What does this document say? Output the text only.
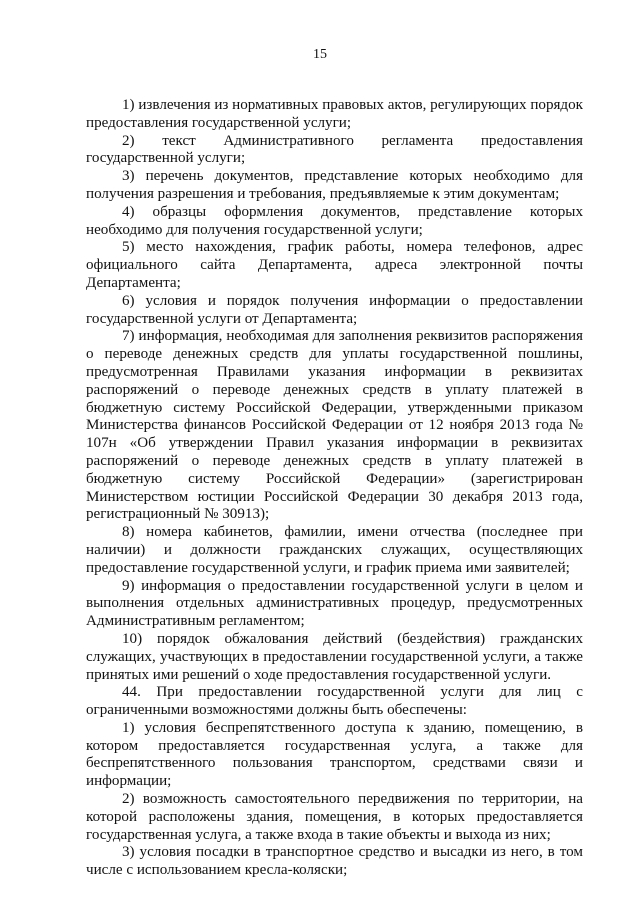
15

1) извлечения из нормативных правовых актов, регулирующих порядок предоставления государственной услуги;

2) текст Административного регламента предоставления государственной услуги;

3) перечень документов, представление которых необходимо для получения разрешения и требования, предъявляемые к этим документам;

4) образцы оформления документов, представление которых необходимо для получения государственной услуги;

5) место нахождения, график работы, номера телефонов, адрес официального сайта Департамента, адреса электронной почты Департамента;

6) условия и порядок получения информации о предоставлении государственной услуги от Департамента;

7) информация, необходимая для заполнения реквизитов распоряжения о переводе денежных средств для уплаты государственной пошлины, предусмотренная Правилами указания информации в реквизитах распоряжений о переводе денежных средств в уплату платежей в бюджетную систему Российской Федерации, утвержденными приказом Министерства финансов Российской Федерации от 12 ноября 2013 года № 107н «Об утверждении Правил указания информации в реквизитах распоряжений о переводе денежных средств в уплату платежей в бюджетную систему Российской Федерации» (зарегистрирован Министерством юстиции Российской Федерации 30 декабря 2013 года, регистрационный № 30913);

8) номера кабинетов, фамилии, имени отчества (последнее при наличии) и должности гражданских служащих, осуществляющих предоставление государственной услуги, и график приема ими заявителей;

9) информация о предоставлении государственной услуги в целом и выполнения отдельных административных процедур, предусмотренных Административным регламентом;

10) порядок обжалования действий (бездействия) гражданских служащих, участвующих в предоставлении государственной услуги, а также принятых ими решений о ходе предоставления государственной услуги.

44. При предоставлении государственной услуги для лиц с ограниченными возможностями должны быть обеспечены:

1) условия беспрепятственного доступа к зданию, помещению, в котором предоставляется государственная услуга, а также для беспрепятственного пользования транспортом, средствами связи и информации;

2) возможность самостоятельного передвижения по территории, на которой расположены здания, помещения, в которых предоставляется государственная услуга, а также входа в такие объекты и выхода из них;

3) условия посадки в транспортное средство и высадки из него, в том числе с использованием кресла-коляски;
